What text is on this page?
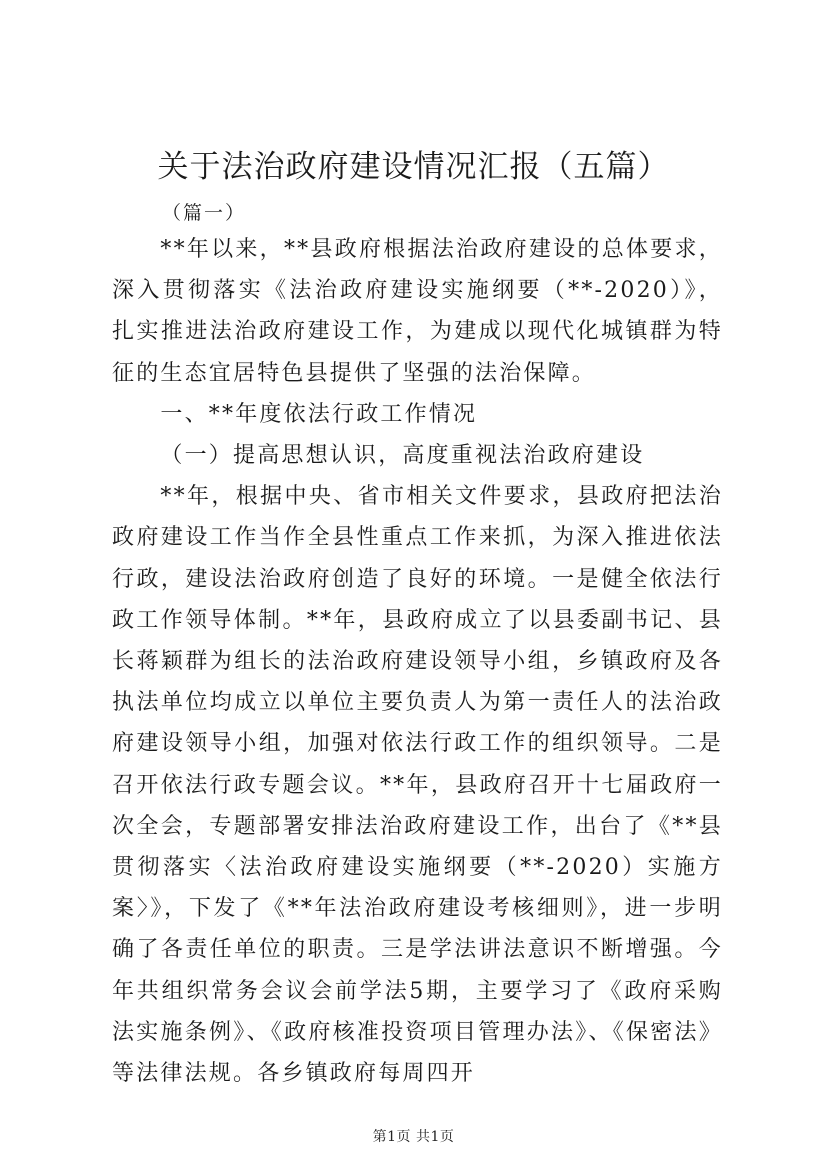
关于法治政府建设情况汇报（五篇）
（篇一）

**年以来，**县政府根据法治政府建设的总体要求，深入贯彻落实《法治政府建设实施纲要（**-2020）》，扎实推进法治政府建设工作，为建成以现代化城镇群为特征的生态宜居特色县提供了坚强的法治保障。

一、**年度依法行政工作情况

（一）提高思想认识，高度重视法治政府建设

**年，根据中央、省市相关文件要求，县政府把法治政府建设工作当作全县性重点工作来抓，为深入推进依法行政，建设法治政府创造了良好的环境。一是健全依法行政工作领导体制。**年，县政府成立了以县委副书记、县长蒋颖群为组长的法治政府建设领导小组，乡镇政府及各执法单位均成立以单位主要负责人为第一责任人的法治政府建设领导小组，加强对依法行政工作的组织领导。二是召开依法行政专题会议。**年，县政府召开十七届政府一次全会，专题部署安排法治政府建设工作，出台了《**县贯彻落实〈法治政府建设实施纲要（**-2020）实施方案〉》，下发了《**年法治政府建设考核细则》，进一步明确了各责任单位的职责。三是学法讲法意识不断增强。今年共组织常务会议会前学法5期，主要学习了《政府采购法实施条例》、《政府核准投资项目管理办法》、《保密法》等法律法规。各乡镇政府每周四开

第1页 共1页
